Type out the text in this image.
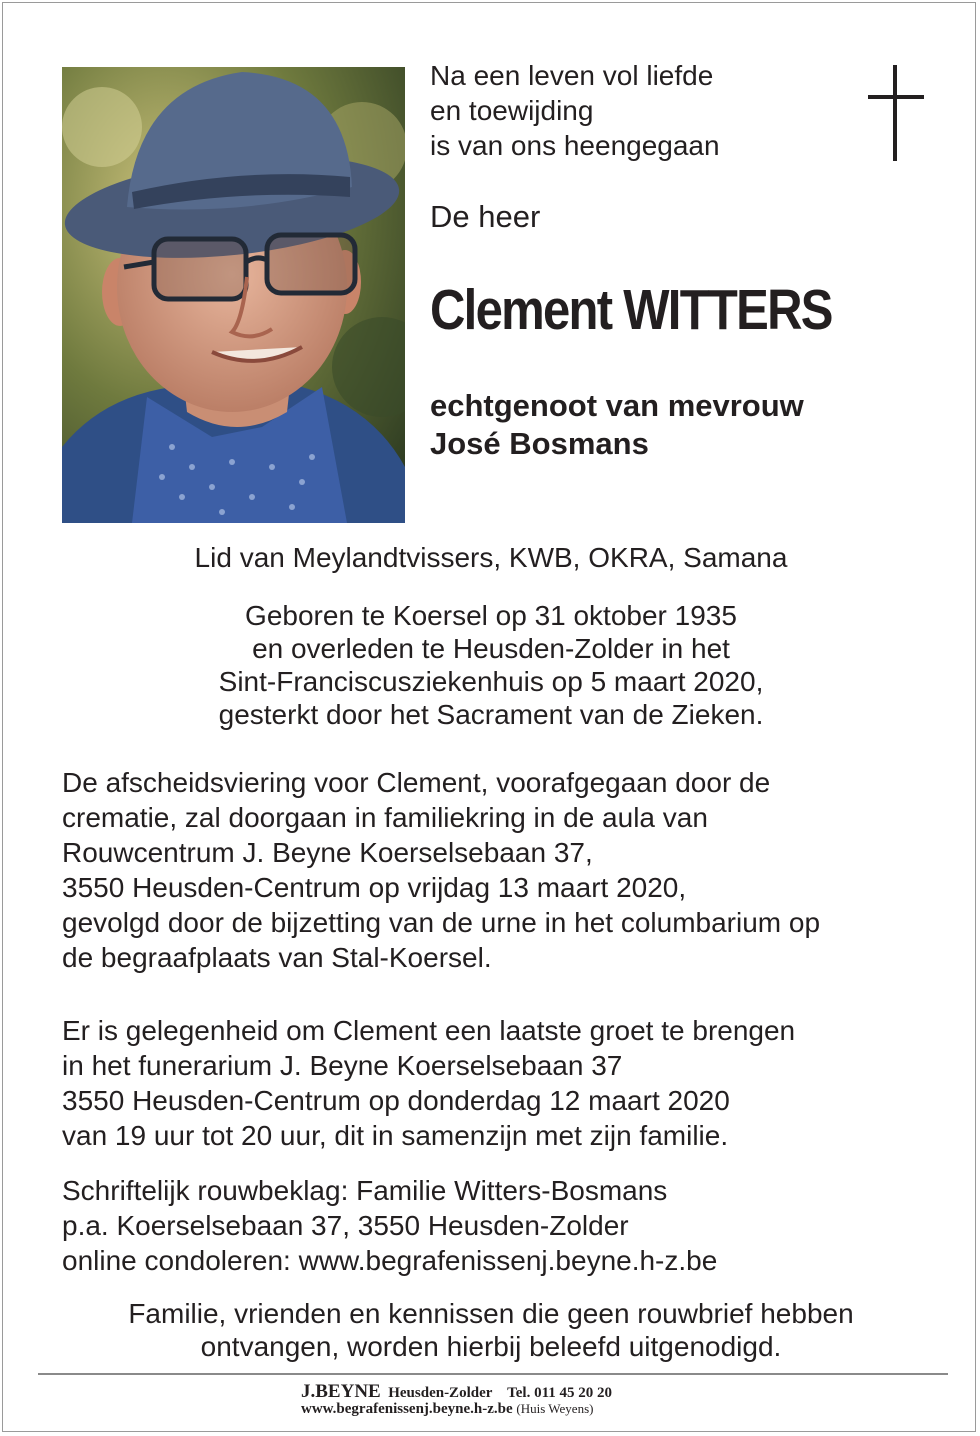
Na een leven vol liefde
en toewijding
is van ons heengegaan
De heer
Clement WITTERS
echtgenoot van mevrouw
José Bosmans
Lid van Meylandtvissers, KWB, OKRA, Samana
Geboren te Koersel op 31 oktober 1935
en overleden te Heusden-Zolder in het
Sint-Franciscusziekenhuis op 5 maart 2020,
gesterkt door het Sacrament van de Zieken.
De afscheidsviering voor Clement, voorafgegaan door de
crematie, zal doorgaan in familiekring in de aula van
Rouwcentrum J. Beyne Koerselsebaan 37,
3550 Heusden-Centrum op vrijdag 13 maart 2020,
gevolgd door de bijzetting van de urne in het columbarium op
de begraafplaats van Stal-Koersel.
Er is gelegenheid om Clement een laatste groet te brengen
in het funerarium J. Beyne Koerselsebaan 37
3550 Heusden-Centrum op donderdag 12 maart 2020
van 19 uur tot 20 uur, dit in samenzijn met zijn familie.
Schriftelijk rouwbeklag: Familie Witters-Bosmans
p.a. Koerselsebaan 37, 3550 Heusden-Zolder
online condoleren: www.begrafenissenj.beyne.h-z.be
Familie, vrienden en kennissen die geen rouwbrief hebben
ontvangen, worden hierbij beleefd uitgenodigd.
J.BEYNE Heusden-Zolder Tel. 011 45 20 20
www.begrafenissenj.beyne.h-z.be (Huis Weyens)
